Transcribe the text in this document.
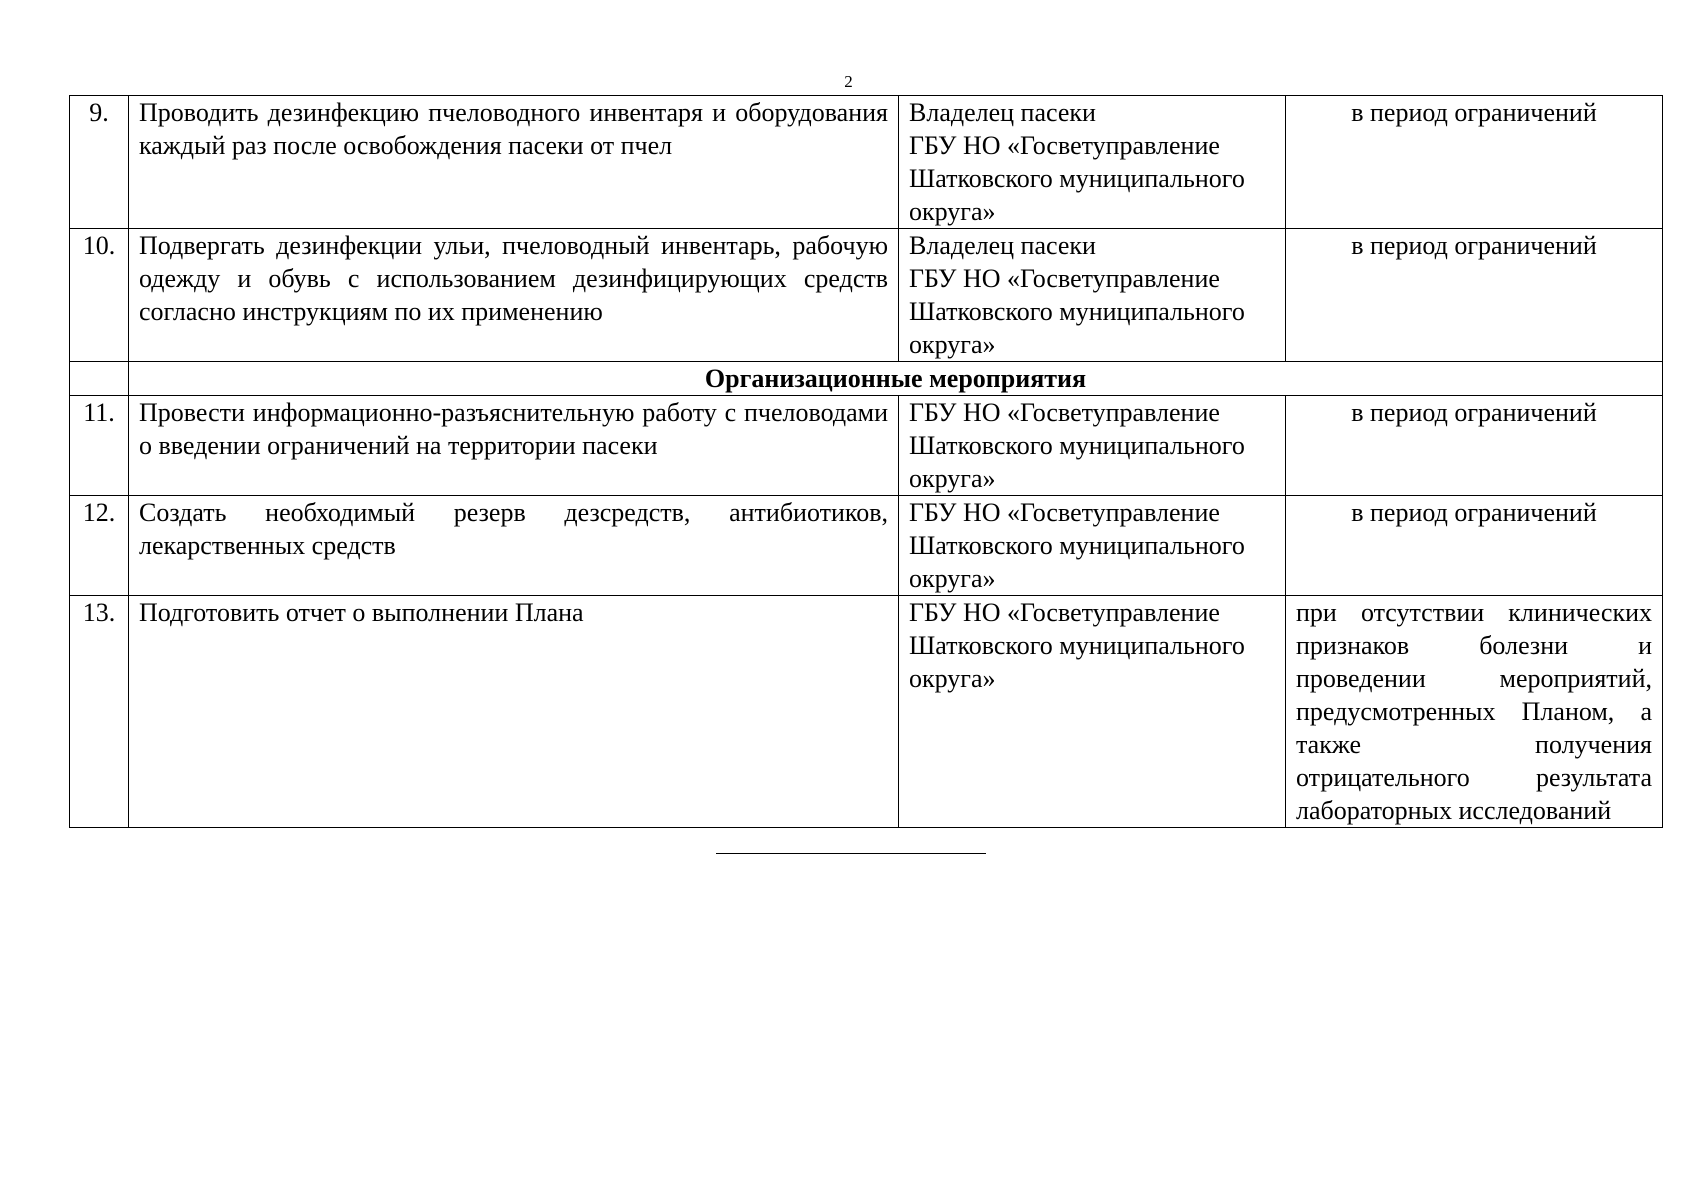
2
9.	Проводить дезинфекцию пчеловодного инвентаря и оборудования каждый раз после освобождения пасеки от пчел	Владелец пасеки
ГБУ НО «Госветуправление
Шатковского муниципального
округа»	в период ограничений
10.	Подвергать дезинфекции ульи, пчеловодный инвентарь, рабочую одежду и обувь с использованием дезинфицирующих средств согласно инструкциям по их применению	Владелец пасеки
ГБУ НО «Госветуправление
Шатковского муниципального
округа»	в период ограничений
	Организационные мероприятия		
11.	Провести информационно-разъяснительную работу с пчеловодами о введении ограничений на территории пасеки	ГБУ НО «Госветуправление
Шатковского муниципального
округа»	в период ограничений
12.	Создать необходимый резерв дезсредств, антибиотиков, лекарственных средств	ГБУ НО «Госветуправление
Шатковского муниципального
округа»	в период ограничений
13.	Подготовить отчет о выполнении Плана	ГБУ НО «Госветуправление
Шатковского муниципального
округа»	при отсутствии клинических признаков болезни и проведении мероприятий, предусмотренных Планом, а также получения отрицательного результата лабораторных исследований
